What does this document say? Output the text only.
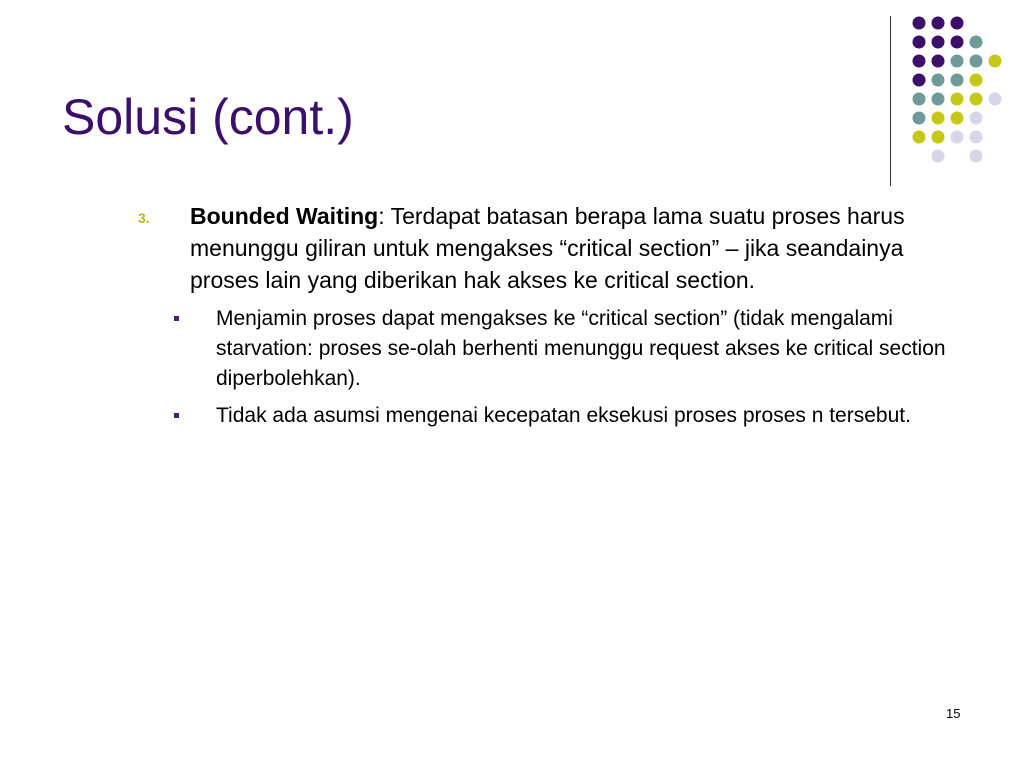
Solusi (cont.)
3. Bounded Waiting: Terdapat batasan berapa lama suatu proses harus menunggu giliran untuk mengakses “critical section” – jika seandainya proses lain yang diberikan hak akses ke critical section.
Menjamin proses dapat mengakses ke “critical section” (tidak mengalami starvation: proses se-olah berhenti menunggu request akses ke critical section diperbolehkan).
Tidak ada asumsi mengenai kecepatan eksekusi proses proses n tersebut.
15
